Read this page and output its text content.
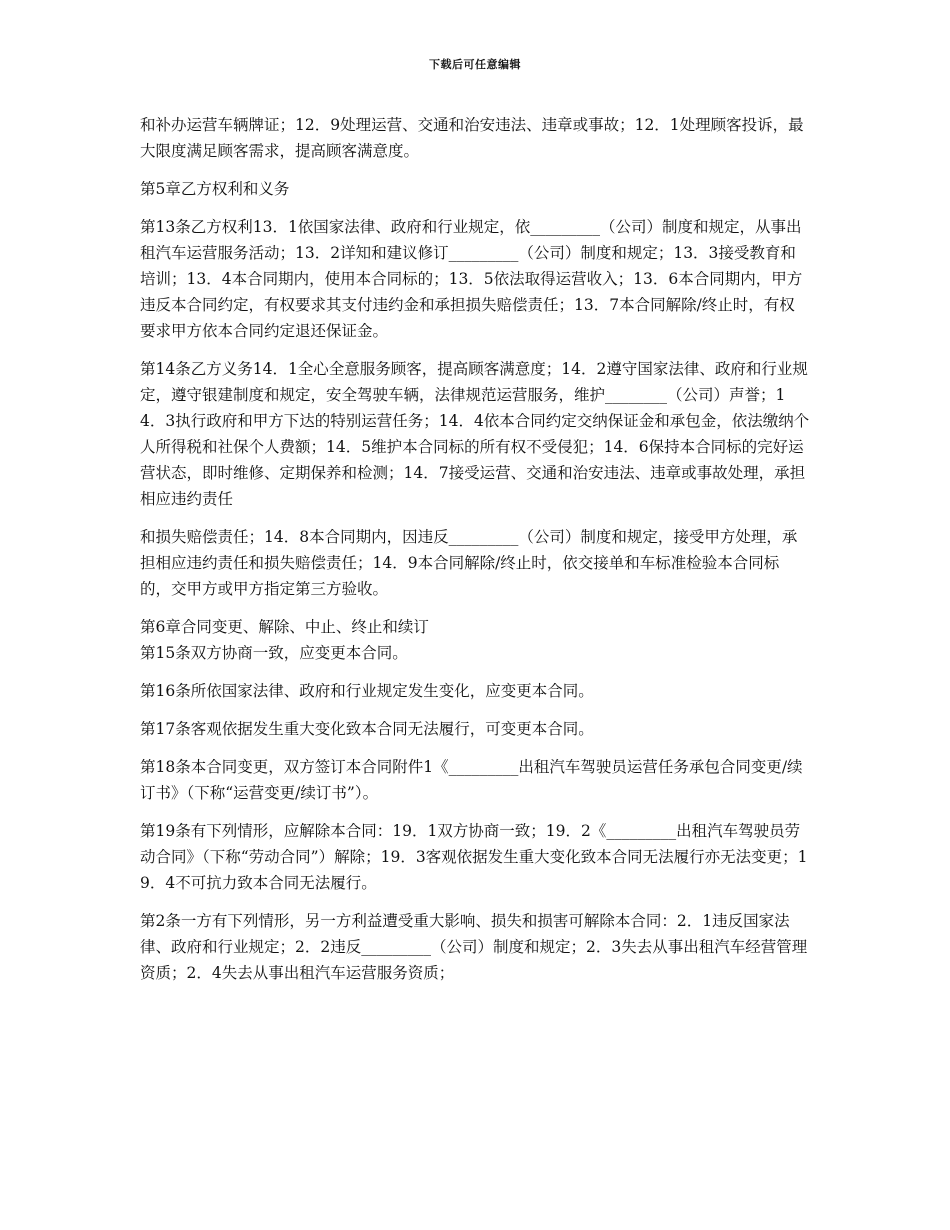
下载后可任意编辑

和补办运营车辆牌证；12．9处理运营、交通和治安违法、违章或事故；12．1处理顾客投诉，最大限度满足顾客需求，提高顾客满意度。

第5章乙方权利和义务

第13条乙方权利13．1依国家法律、政府和行业规定，依_________（公司）制度和规定，从事出租汽车运营服务活动；13．2详知和建议修订_________（公司）制度和规定；13．3接受教育和培训；13．4本合同期内，使用本合同标的；13．5依法取得运营收入；13．6本合同期内，甲方违反本合同约定，有权要求其支付违约金和承担损失赔偿责任；13．7本合同解除/终止时，有权要求甲方依本合同约定退还保证金。

第14条乙方义务14．1全心全意服务顾客，提高顾客满意度；14．2遵守国家法律、政府和行业规定，遵守银建制度和规定，安全驾驶车辆，法律规范运营服务，维护________（公司）声誉；14．3执行政府和甲方下达的特别运营任务；14．4依本合同约定交纳保证金和承包金，依法缴纳个人所得税和社保个人费额；14．5维护本合同标的所有权不受侵犯；14．6保持本合同标的完好运营状态，即时维修、定期保养和检测；14．7接受运营、交通和治安违法、违章或事故处理，承担相应违约责任

和损失赔偿责任；14．8本合同期内，因违反_________（公司）制度和规定，接受甲方处理，承担相应违约责任和损失赔偿责任；14．9本合同解除/终止时，依交接单和车标准检验本合同标的，交甲方或甲方指定第三方验收。

第6章合同变更、解除、中止、终止和续订

第15条双方协商一致，应变更本合同。

第16条所依国家法律、政府和行业规定发生变化，应变更本合同。

第17条客观依据发生重大变化致本合同无法履行，可变更本合同。

第18条本合同变更，双方签订本合同附件1《_________出租汽车驾驶员运营任务承包合同变更/续订书》（下称“运营变更/续订书”）。

第19条有下列情形，应解除本合同：19．1双方协商一致；19．2《_________出租汽车驾驶员劳动合同》（下称“劳动合同”）解除；19．3客观依据发生重大变化致本合同无法履行亦无法变更；19．4不可抗力致本合同无法履行。

第2条一方有下列情形，另一方利益遭受重大影响、损失和损害可解除本合同：2．1违反国家法律、政府和行业规定；2．2违反_________（公司）制度和规定；2．3失去从事出租汽车经营管理资质；2．4失去从事出租汽车运营服务资质；
